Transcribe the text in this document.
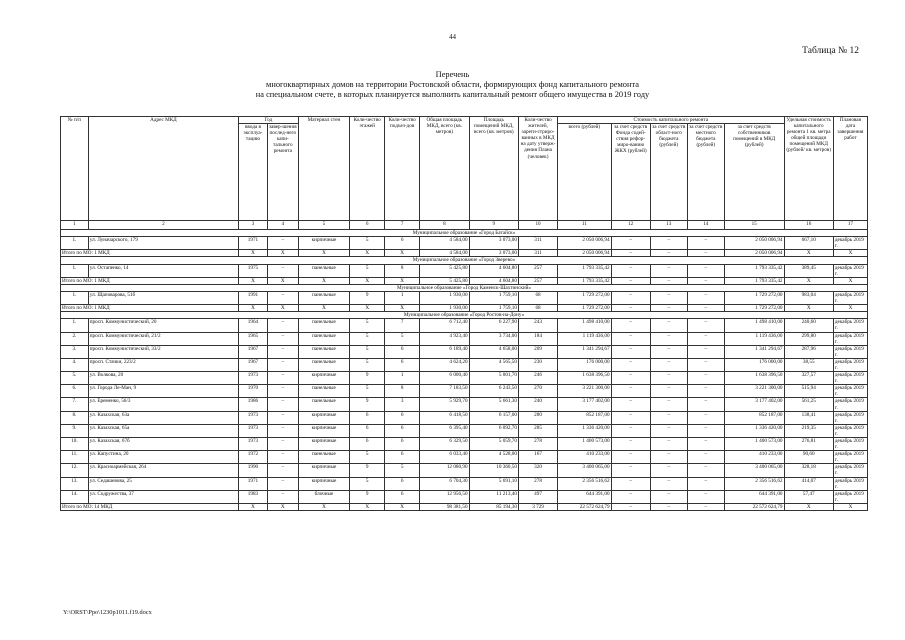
44
Таблица № 12
Перечень
многоквартирных домов на территории Ростовской области, формирующих фонд капитального ремонта
на специальном счете, в которых планируется выполнить капитальный ремонт общего имущества в 2019 году
№ п/п	Адрес МКД	Год		Материал стен	Коли-чество этажей	Коли-чество подъез-дов	Общая площадь МКД, всего (кв. метров)	Площадь помещений МКД, всего (кв. метров)	Коли-чество жителей, зареги-стриро-ванных в МКД на дату утверж-дения Плана (человек)	Стоимость капитального ремонта					Удельная стоимость капитального ремонта 1 кв. метра общей площади помещений МКД (рублей/ кв. метров)	Плановая дата завершения работ
		ввода в эксплуа-тацию	завер-шения послед-него капи-тального ремонта							всего (рублей)	за счет средств Фонда содей-ствия рефор-миро-ванию ЖКХ (рублей)	за счет средств област-ного бюджета (рублей)	за счет средств местного бюджета (рублей)	за счет средств собственников помещений в МКД (рублей)		
1	2	3	4	5	6	7	8	9	10	11	12	13	14	15	16	17
Муниципальное образование «Город Батайск»																
1.	ул. Луначарского, 179	1971	–	кирпичные	5	6	4 584,00	3 073,00	311	2 050 006,94	–	–	–	2 050 006,94	667,10	декабрь 2019 г.
Итого по МО: 1 МКД		X	X	X	X	X	4 584,00	3 073,00	311	2 050 006,94	–	–	–	2 050 006,94	X	X
Муниципальное образование «Город Зверево»																
1.	ул. Остапенко, 14	1975	–	панельные	5	8	5 425,80	4 604,80	257	1 793 335,42	–	–	–	1 793 335,42	389,45	декабрь 2019 г.
Итого по МО: 1 МКД		X	X	X	X	X	5 425,80	4 604,80	257	1 793 335,42	–	–	–	1 793 335,42	X	X
Муниципальное образование «Город Каменск-Шахтинский»																
1.	ул. Щаповарова, 51б	1991	–	панельные	9	1	1 930,00	1 759,10	68	1 729 272,00	–	–	–	1 729 272,00	983,04	декабрь 2019 г.
Итого по МО: 1 МКД		X	X	X	X	X	1 930,00	1 759,10	68	1 729 272,00	–	–	–	1 729 272,00	X	X
Муниципальное образование «Город Ростов-на-Дону»																
1.	просп. Коммунистический, 20	1964	–	панельные	5	7	6 712,40	6 227,90	243	1 498 410,00	–	–	–	1 498 410,00	240,60	декабрь 2019 г.
2.	просп. Коммунистический, 21/2	1965	–	панельные	5	5	4 923,40	3 734,00	184	1 119 436,00	–	–	–	1 119 436,00	299,80	декабрь 2019 г.
3.	просп. Коммунистический, 33/2	1967	–	панельные	5	6	6 189,40	4 658,00	209	1 341 294,67	–	–	–	1 341 294,67	287,96	декабрь 2019 г.
4.	просп. Стачки, 223/2	1967	–	панельные	5	6	4 624,20	4 565,50	230	176 000,00	–	–	–	176 000,00	38,55	декабрь 2019 г.
5.	ул. Волкова, 20	1973	–	кирпичные	9	1	6 000,40	5 001,70	246	1 638 396,50	–	–	–	1 638 396,50	327,57	декабрь 2019 г.
6.	ул. Города Ле-Ман, 9	1970	–	панельные	5	8	7 183,50	6 243,50	270	3 221 300,00	–	–	–	3 221 300,00	515,94	декабрь 2019 г.
7.	ул. Еременко, 56/3	1986	–	панельные	9	3	5 929,70	5 661,30	240	3 177 402,00	–	–	–	3 177 402,00	561,25	декабрь 2019 г.
8.	ул. Казахская, 63а	1973	–	кирпичные	6	6	6 418,50	6 157,00	280	852 187,00	–	–	–	852 187,00	138,41	декабрь 2019 г.
9.	ул. Казахская, 65а	1973	–	кирпичные	6	6	6 395,40	6 092,70	285	1 336 420,00	–	–	–	1 336 420,00	219,35	декабрь 2019 г.
10.	ул. Казахская, 67б	1973	–	кирпичные	6	6	6 329,50	5 059,70	278	1 400 573,00	–	–	–	1 400 573,00	276,81	декабрь 2019 г.
11.	ул. Капустина, 20	1972	–	панельные	5	6	6 033,40	4 528,00	167	410 233,00	–	–	–	410 233,00	90,60	декабрь 2019 г.
12.	ул. Красноармейская, 264	1990	–	кирпичные	9	5	12 080,90	10 360,50	320	3 400 065,00	–	–	–	3 400 065,00	328,18	декабрь 2019 г.
13.	ул. Седашевова, 25	1971	–	кирпичные	5	6	6 704,30	5 691,10	278	2 356 516,62	–	–	–	2 356 516,62	414,07	декабрь 2019 г.
14.	ул. Содружества, 37	1983	–	блочные	9	6	12 956,50	11 213,40	497	644 391,00	–	–	–	644 391,00	57,47	декабрь 2019 г.
Итого по МО: 14 МКД		X	X	X	X	X	98 381,50	85 194,30	3 729	22 572 624,79	–	–	–	22 572 624,79	X	X
Y:\ORST\Ppo\1230p1011.f19.docx
